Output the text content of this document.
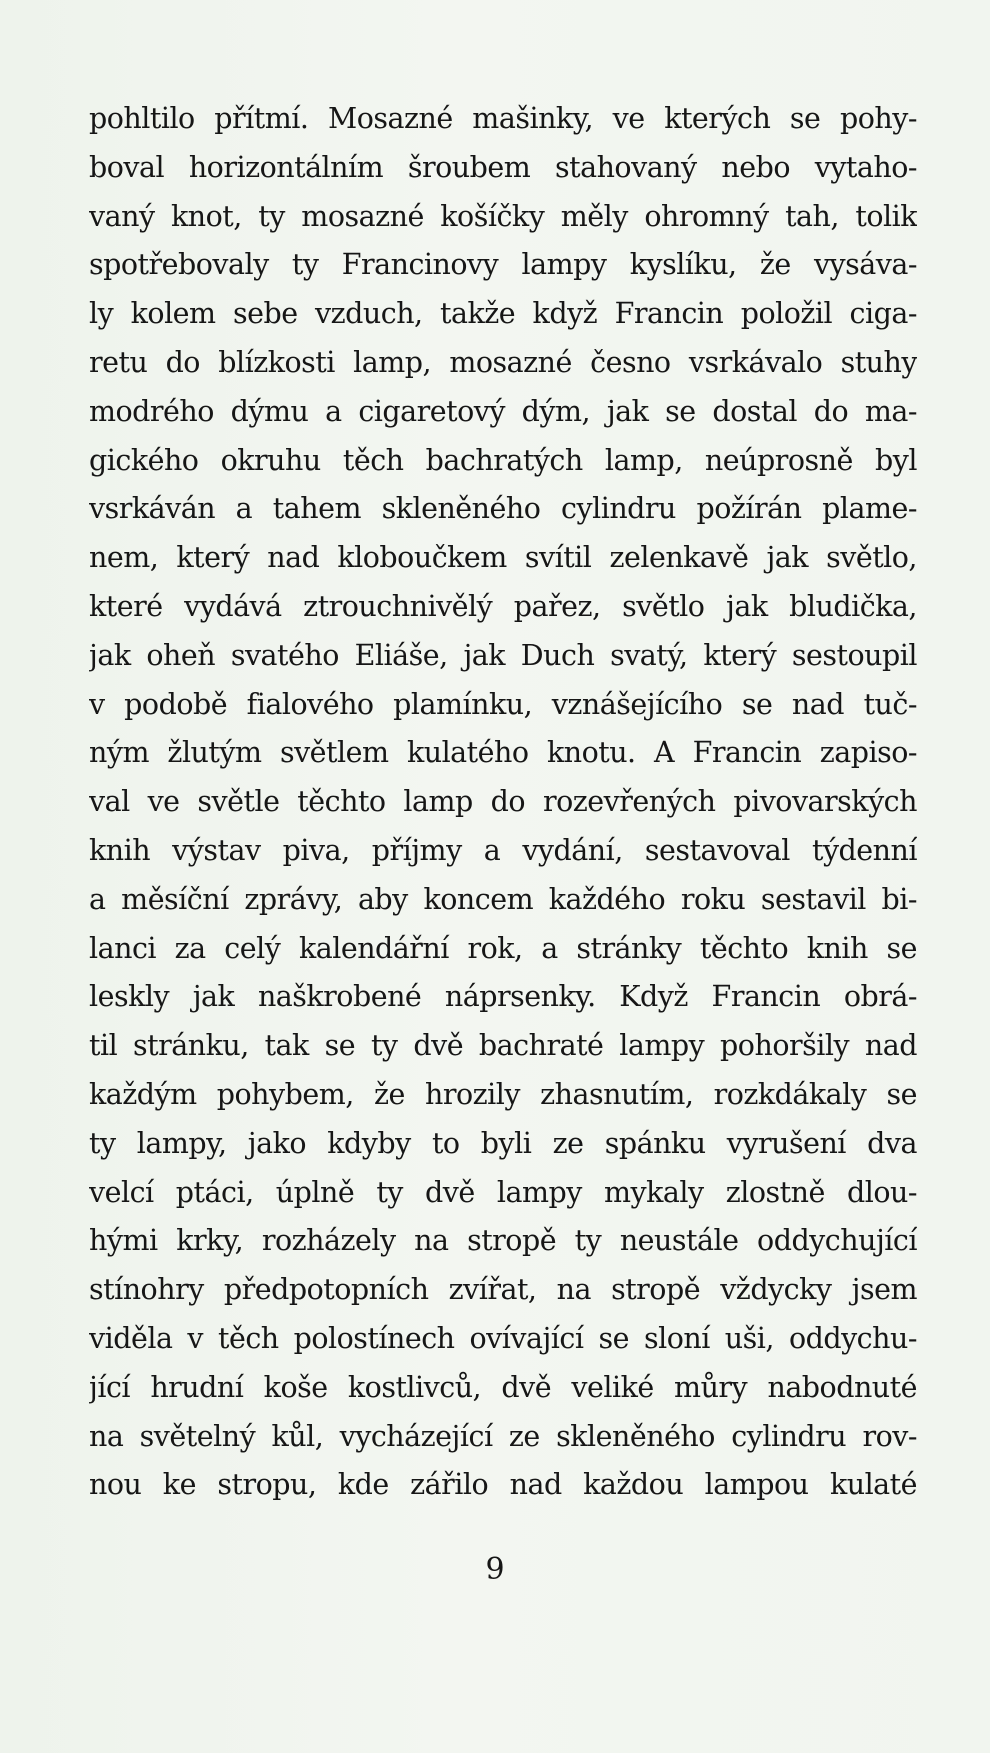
pohltilo přítmí. Mosazné mašinky, ve kterých se pohy-
boval horizontálním šroubem stahovaný nebo vytaho-
vaný knot, ty mosazné košíčky měly ohromný tah, tolik
spotřebovaly ty Francinovy lampy kyslíku, že vysáva-
ly kolem sebe vzduch, takže když Francin položil ciga-
retu do blízkosti lamp, mosazné česno vsrkávalo stuhy
modrého dýmu a cigaretový dým, jak se dostal do ma-
gického okruhu těch bachratých lamp, neúprosně byl
vsrkáván a tahem skleněného cylindru požírán plame-
nem, který nad kloboučkem svítil zelenkavě jak světlo,
které vydává ztrouchnivělý pařez, světlo jak bludička,
jak oheň svatého Eliáše, jak Duch svatý, který sestoupil
v podobě fialového plamínku, vznášejícího se nad tuč-
ným žlutým světlem kulatého knotu. A Francin zapiso-
val ve světle těchto lamp do rozevřených pivovarských
knih výstav piva, příjmy a vydání, sestavoval týdenní
a měsíční zprávy, aby koncem každého roku sestavil bi-
lanci za celý kalendářní rok, a stránky těchto knih se
leskly jak naškrobené náprsenky. Když Francin obrá-
til stránku, tak se ty dvě bachraté lampy pohoršily nad
každým pohybem, že hrozily zhasnutím, rozkdákaly se
ty lampy, jako kdyby to byli ze spánku vyrušení dva
velcí ptáci, úplně ty dvě lampy mykaly zlostně dlou-
hými krky, rozházely na stropě ty neustále oddychující
stínohry předpotopních zvířat, na stropě vždycky jsem
viděla v těch polostínech ovívající se sloní uši, oddychu-
jící hrudní koše kostlivců, dvě veliké můry nabodnuté
na světelný kůl, vycházející ze skleněného cylindru rov-
nou ke stropu, kde zářilo nad každou lampou kulaté
9
